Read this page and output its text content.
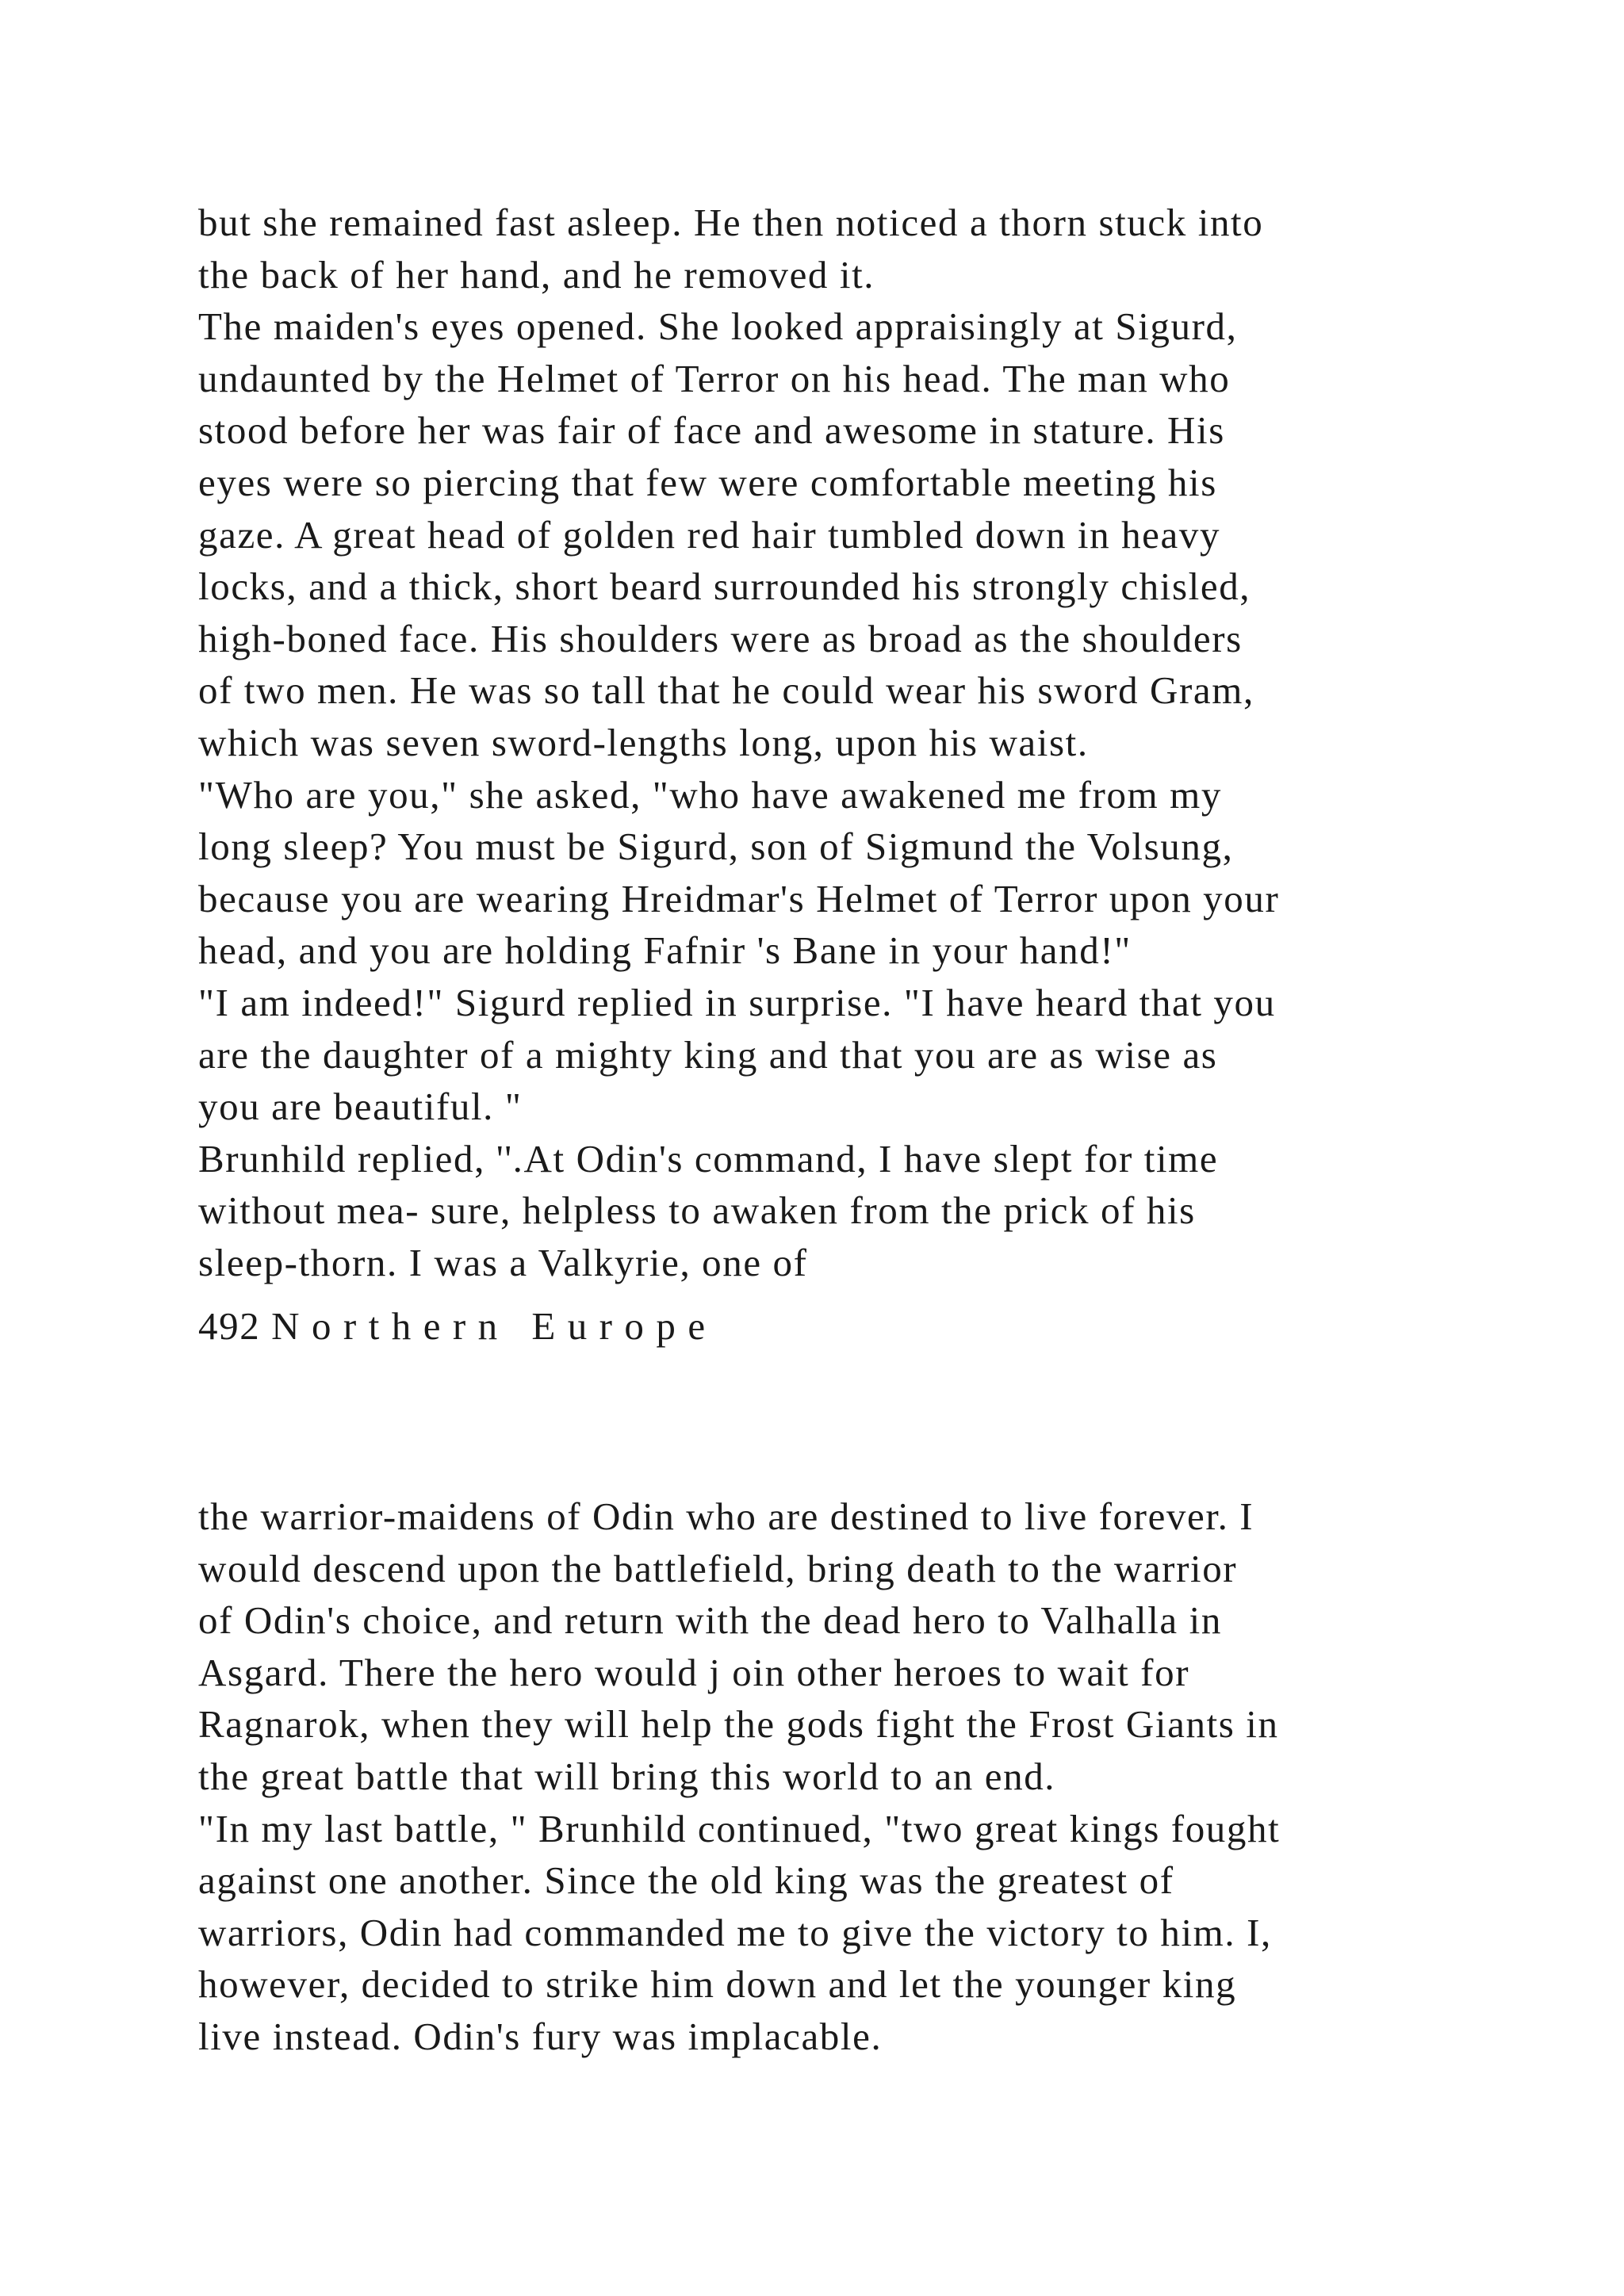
but she remained fast asleep. He then noticed a thorn stuck into
the back of her hand, and he removed it.
The maiden's eyes opened. She looked appraisingly at Sigurd,
undaunted by the Helmet of Terror on his head. The man who
stood before her was fair of face and awesome in stature. His
eyes were so piercing that few were comfortable meeting his
gaze. A great head of golden red hair tumbled down in heavy
locks, and a thick, short beard surrounded his strongly chisled,
high-boned face. His shoulders were as broad as the shoulders
of two men. He was so tall that he could wear his sword Gram,
which was seven sword-lengths long, upon his waist.
"Who are you," she asked, "who have awakened me from my
long sleep? You must be Sigurd, son of Sigmund the Volsung,
because you are wearing Hreidmar's Helmet of Terror upon your
head, and you are holding Fafnir 's Bane in your hand!"
"I am indeed!" Sigurd replied in surprise. "I have heard that you
are the daughter of a mighty king and that you are as wise as
you are beautiful. "
Brunhild replied, ''.At Odin's command, I have slept for time
without mea- sure, helpless to awaken from the prick of his
sleep-thorn. I was a Valkyrie, one of
492 N o r t h e r n   E u r o p e
the warrior-maidens of Odin who are destined to live forever. I
would descend upon the battlefield, bring death to the warrior
of Odin's choice, and return with the dead hero to Valhalla in
Asgard. There the hero would j oin other heroes to wait for
Ragnarok, when they will help the gods fight the Frost Giants in
the great battle that will bring this world to an end.
"In my last battle, " Brunhild continued, "two great kings fought
against one another. Since the old king was the greatest of
warriors, Odin had commanded me to give the victory to him. I,
however, decided to strike him down and let the younger king
live instead. Odin's fury was implacable.
